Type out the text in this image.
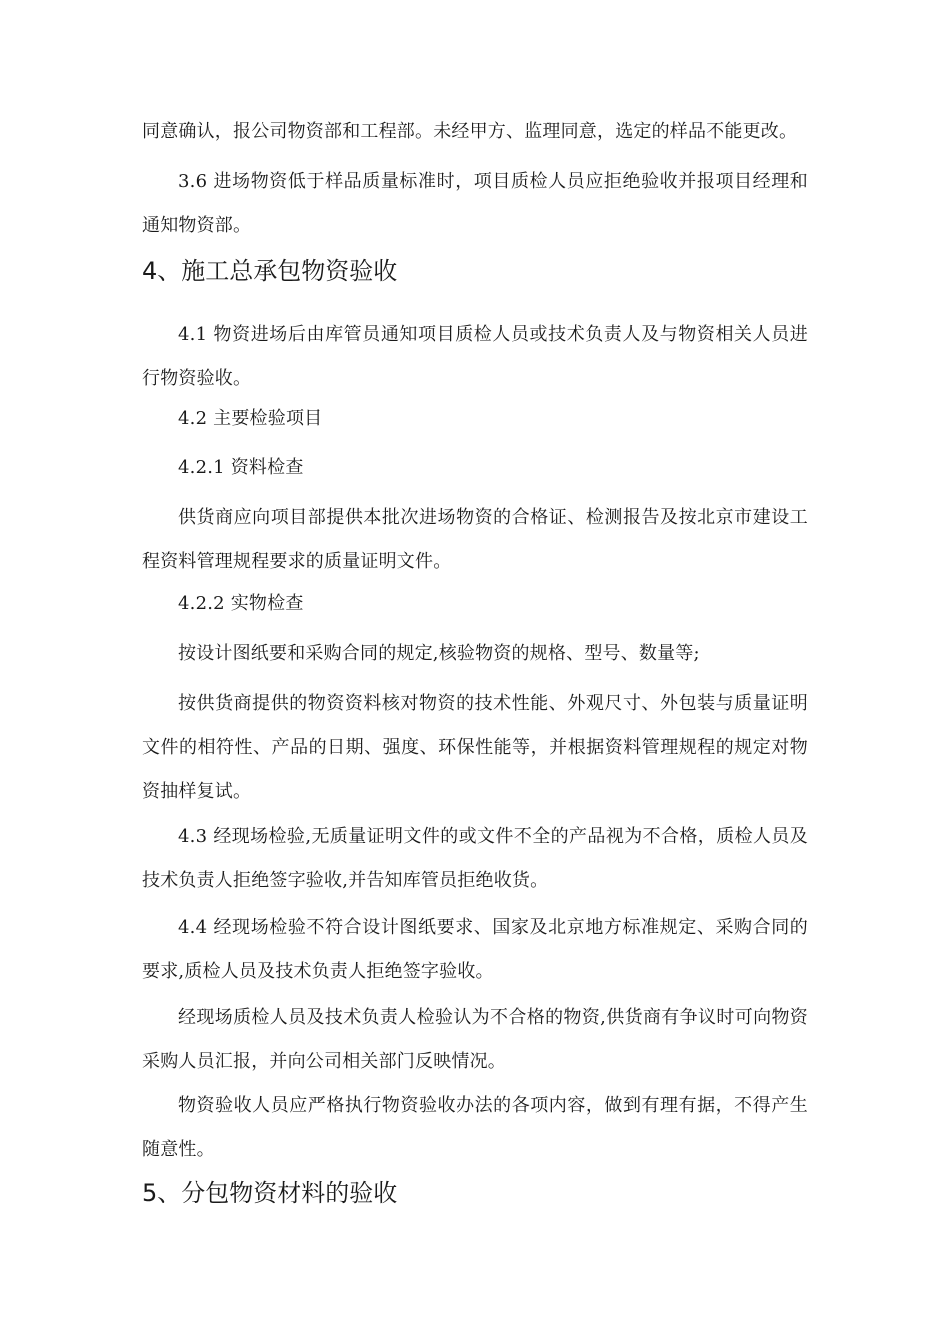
同意确认，报公司物资部和工程部。未经甲方、监理同意，选定的样品不能更改。

3.6 进场物资低于样品质量标准时，项目质检人员应拒绝验收并报项目经理和通知物资部。

4、施工总承包物资验收

4.1 物资进场后由库管员通知项目质检人员或技术负责人及与物资相关人员进行物资验收。

4.2 主要检验项目

4.2.1 资料检查

供货商应向项目部提供本批次进场物资的合格证、检测报告及按北京市建设工程资料管理规程要求的质量证明文件。

4.2.2 实物检查

按设计图纸要和采购合同的规定,核验物资的规格、型号、数量等;

按供货商提供的物资资料核对物资的技术性能、外观尺寸、外包装与质量证明文件的相符性、产品的日期、强度、环保性能等，并根据资料管理规程的规定对物资抽样复试。

4.3 经现场检验,无质量证明文件的或文件不全的产品视为不合格，质检人员及技术负责人拒绝签字验收,并告知库管员拒绝收货。

4.4 经现场检验不符合设计图纸要求、国家及北京地方标准规定、采购合同的要求,质检人员及技术负责人拒绝签字验收。

经现场质检人员及技术负责人检验认为不合格的物资,供货商有争议时可向物资采购人员汇报，并向公司相关部门反映情况。

物资验收人员应严格执行物资验收办法的各项内容，做到有理有据，不得产生随意性。

5、分包物资材料的验收
